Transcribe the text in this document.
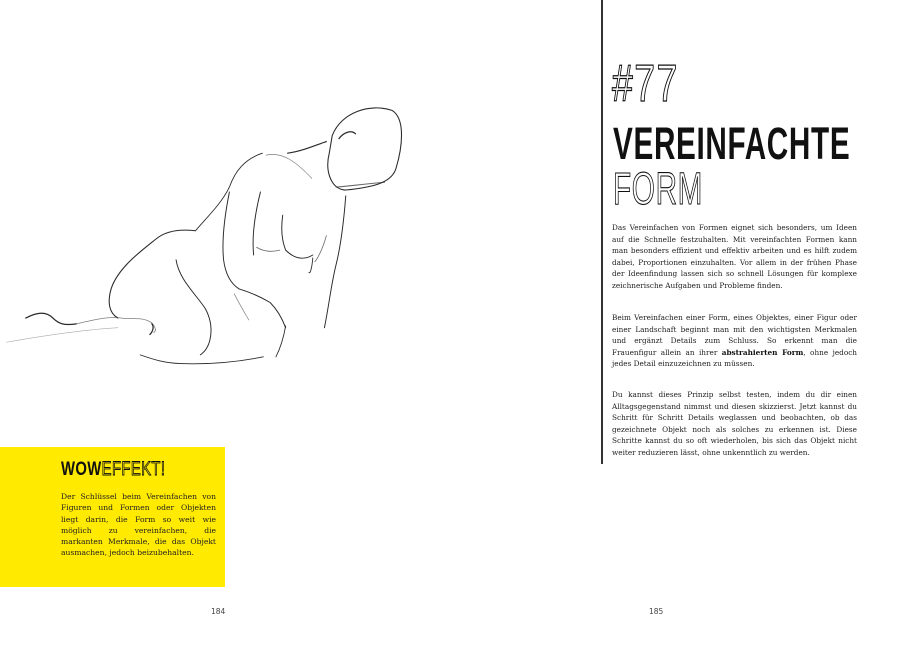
WOWEFFEKT!
Der Schlüssel beim Vereinfachen von Figuren und Formen oder Objekten liegt darin, die Form so weit wie möglich zu vereinfachen, die markanten Merkmale, die das Objekt ausmachen, jedoch beizubehalten.
184
#77
VEREINFACHTE
FORM

Das Vereinfachen von Formen eignet sich besonders, um Ideen auf die Schnelle festzuhalten. Mit vereinfachten Formen kann man besonders effizient und effektiv arbeiten und es hilft zudem dabei, Proportionen einzuhalten. Vor allem in der frühen Phase der Ideenfindung lassen sich so schnell Lösungen für komplexe zeichnerische Aufgaben und Probleme finden.

Beim Vereinfachen einer Form, eines Objektes, einer Figur oder einer Landschaft beginnt man mit den wichtigsten Merkmalen und ergänzt Details zum Schluss. So erkennt man die Frauenfigur allein an ihrer abstrahierten Form, ohne jedoch jedes Detail einzuzeichnen zu müssen.

Du kannst dieses Prinzip selbst testen, indem du dir einen Alltagsgegenstand nimmst und diesen skizzierst. Jetzt kannst du Schritt für Schritt Details weglassen und beobachten, ob das gezeichnete Objekt noch als solches zu erkennen ist. Diese Schritte kannst du so oft wiederholen, bis sich das Objekt nicht weiter reduzieren lässt, ohne unkenntlich zu werden.

185
